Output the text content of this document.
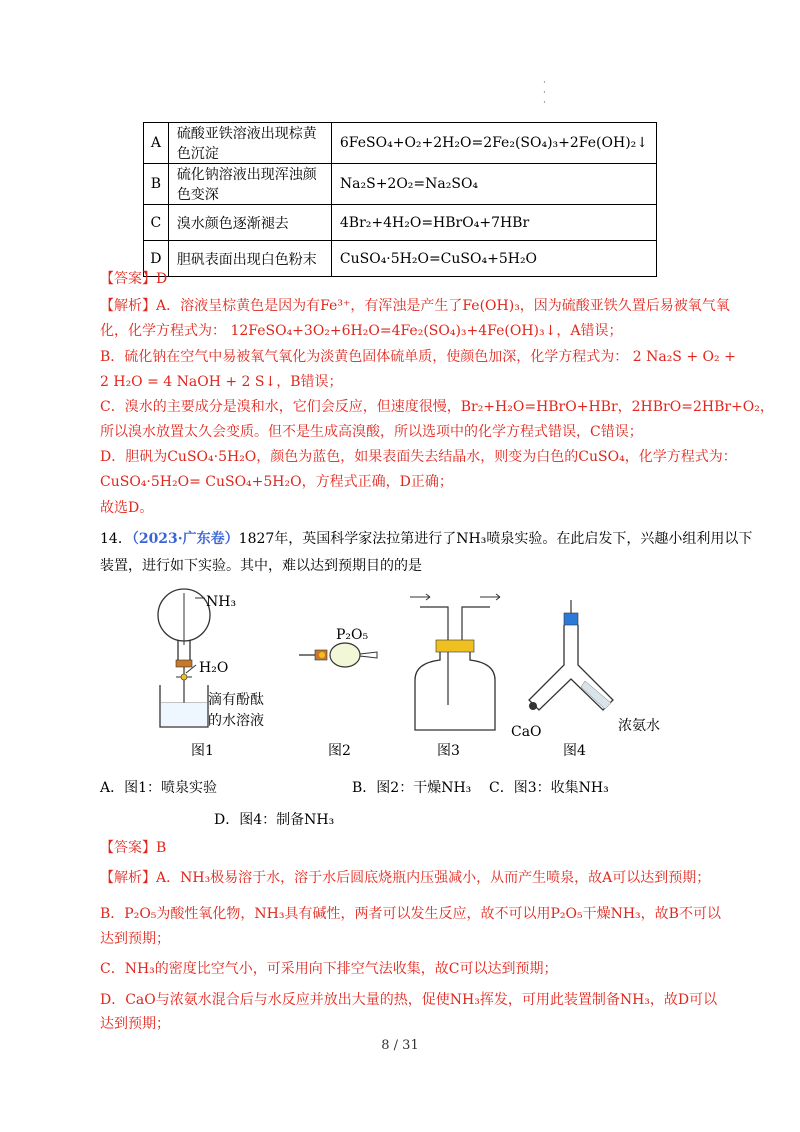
·
·
·
A	硫酸亚铁溶液出现棕黄色沉淀	6FeSO₄+O₂+2H₂O=2Fe₂(SO₄)₃+2Fe(OH)₂↓
B	硫化钠溶液出现浑浊颜色变深	Na₂S+2O₂=Na₂SO₄
C	溴水颜色逐渐褪去	4Br₂+4H₂O=HBrO₄+7HBr
D	胆矾表面出现白色粉末	CuSO₄·5H₂O=CuSO₄+5H₂O
【答案】D
【解析】A．溶液呈棕黄色是因为有Fe³⁺，有浑浊是产生了Fe(OH)₃，因为硫酸亚铁久置后易被氧气氧
化，化学方程式为： 12FeSO₄+3O₂+6H₂O=4Fe₂(SO₄)₃+4Fe(OH)₃↓，A错误；
B．硫化钠在空气中易被氧气氧化为淡黄色固体硫单质，使颜色加深，化学方程式为： 2 Na₂S + O₂ +
2 H₂O = 4 NaOH + 2 S↓，B错误；
C．溴水的主要成分是溴和水，它们会反应，但速度很慢，Br₂+H₂O=HBrO+HBr，2HBrO=2HBr+O₂，
所以溴水放置太久会变质。但不是生成高溴酸，所以选项中的化学方程式错误，C错误；
D．胆矾为CuSO₄·5H₂O，颜色为蓝色，如果表面失去结晶水，则变为白色的CuSO₄，化学方程式为：
CuSO₄·5H₂O= CuSO₄+5H₂O，方程式正确，D正确；
故选D。
14．（2023·广东卷）1827年，英国科学家法拉第进行了NH₃喷泉实验。在此启发下，兴趣小组利用以下
装置，进行如下实验。其中，难以达到预期目的的是
NH₃
H₂O
滴有酚酞
的水溶液
P₂O₅
CaO	浓氨水
图1	图2	图3	图4
A．图1：喷泉实验	B．图2：干燥NH₃ C．图3：收集NH₃
D．图4：制备NH₃
【答案】B
【解析】A．NH₃极易溶于水，溶于水后圆底烧瓶内压强减小，从而产生喷泉，故A可以达到预期；
B．P₂O₅为酸性氧化物，NH₃具有碱性，两者可以发生反应，故不可以用P₂O₅干燥NH₃，故B不可以
达到预期；
C．NH₃的密度比空气小，可采用向下排空气法收集，故C可以达到预期；
D．CaO与浓氨水混合后与水反应并放出大量的热，促使NH₃挥发，可用此装置制备NH₃，故D可以
达到预期；
8 / 31
